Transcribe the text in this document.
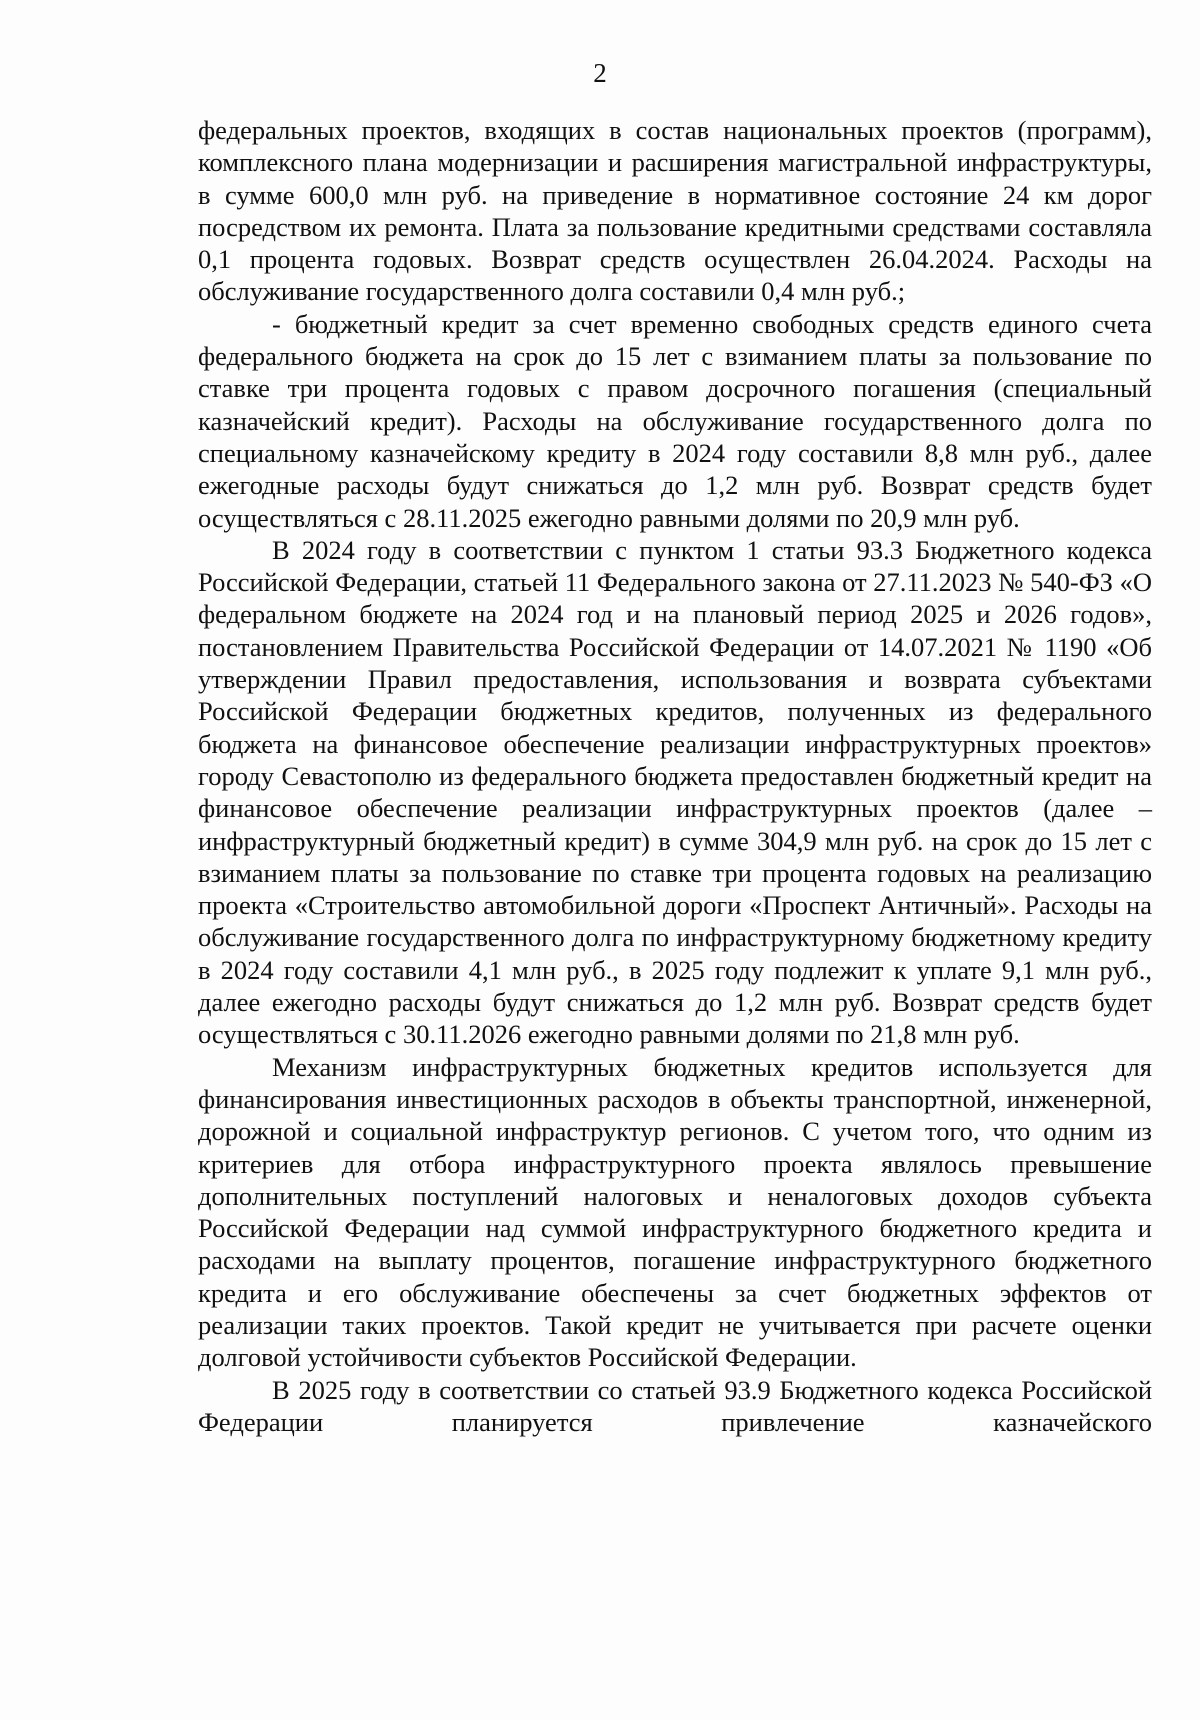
2

федеральных проектов, входящих в состав национальных проектов (программ), комплексного плана модернизации и расширения магистральной инфраструктуры, в сумме 600,0 млн руб. на приведение в нормативное состояние 24 км дорог посредством их ремонта. Плата за пользование кредитными средствами составляла 0,1 процента годовых. Возврат средств осуществлен 26.04.2024. Расходы на обслуживание государственного долга составили 0,4 млн руб.;

- бюджетный кредит за счет временно свободных средств единого счета федерального бюджета на срок до 15 лет с взиманием платы за пользование по ставке три процента годовых с правом досрочного погашения (специальный казначейский кредит). Расходы на обслуживание государственного долга по специальному казначейскому кредиту в 2024 году составили 8,8 млн руб., далее ежегодные расходы будут снижаться до 1,2 млн руб. Возврат средств будет осуществляться с 28.11.2025 ежегодно равными долями по 20,9 млн руб.

В 2024 году в соответствии с пунктом 1 статьи 93.3 Бюджетного кодекса Российской Федерации, статьей 11 Федерального закона от 27.11.2023 № 540-ФЗ «О федеральном бюджете на 2024 год и на плановый период 2025 и 2026 годов», постановлением Правительства Российской Федерации от 14.07.2021 № 1190 «Об утверждении Правил предоставления, использования и возврата субъектами Российской Федерации бюджетных кредитов, полученных из федерального бюджета на финансовое обеспечение реализации инфраструктурных проектов» городу Севастополю из федерального бюджета предоставлен бюджетный кредит на финансовое обеспечение реализации инфраструктурных проектов (далее – инфраструктурный бюджетный кредит) в сумме 304,9 млн руб. на срок до 15 лет с взиманием платы за пользование по ставке три процента годовых на реализацию проекта «Строительство автомобильной дороги «Проспект Античный». Расходы на обслуживание государственного долга по инфраструктурному бюджетному кредиту в 2024 году составили 4,1 млн руб., в 2025 году подлежит к уплате 9,1 млн руб., далее ежегодно расходы будут снижаться до 1,2 млн руб. Возврат средств будет осуществляться с 30.11.2026 ежегодно равными долями по 21,8 млн руб.

Механизм инфраструктурных бюджетных кредитов используется для финансирования инвестиционных расходов в объекты транспортной, инженерной, дорожной и социальной инфраструктур регионов. С учетом того, что одним из критериев для отбора инфраструктурного проекта являлось превышение дополнительных поступлений налоговых и неналоговых доходов субъекта Российской Федерации над суммой инфраструктурного бюджетного кредита и расходами на выплату процентов, погашение инфраструктурного бюджетного кредита и его обслуживание обеспечены за счет бюджетных эффектов от реализации таких проектов. Такой кредит не учитывается при расчете оценки долговой устойчивости субъектов Российской Федерации.

В 2025 году в соответствии со статьей 93.9 Бюджетного кодекса Российской Федерации планируется привлечение казначейского
